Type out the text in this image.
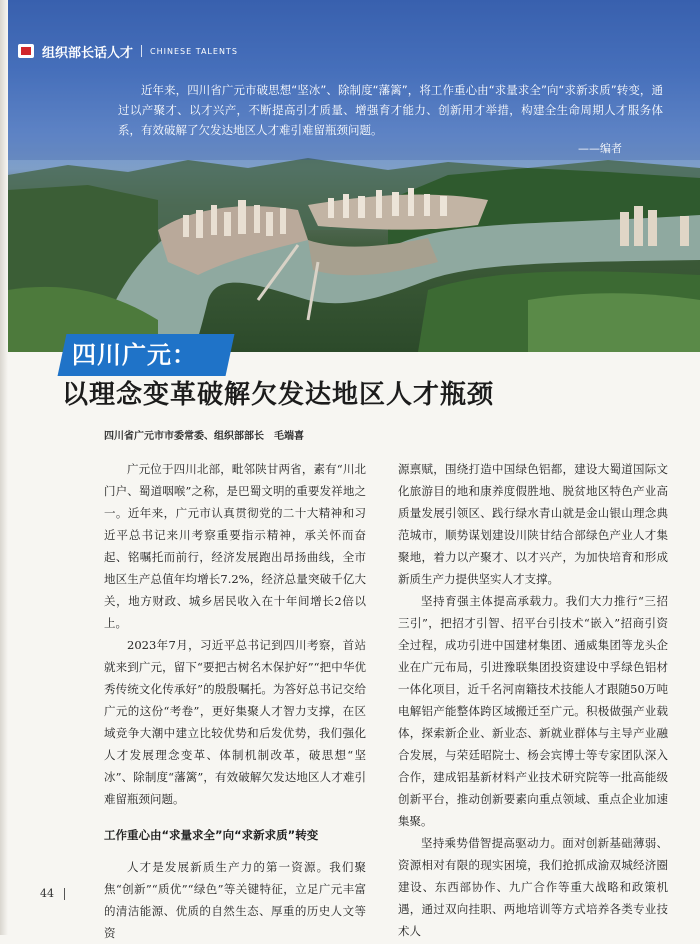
组织部长话人才 CHINESE TALENTS
近年来，四川省广元市破思想“坚冰”、除制度“藩篱”，将工作重心由“求量求全”向“求新求质”转变，通过以产聚才、以才兴产，不断提高引才质量、增强育才能力、创新用才举措，构建全生命周期人才服务体系，有效破解了欠发达地区人才难引难留瓶颈问题。
——编者
四川广元：
以理念变革破解欠发达地区人才瓶颈
四川省广元市市委常委、组织部部长　毛端喜

广元位于四川北部，毗邻陕甘两省，素有“川北门户、蜀道咽喉”之称，是巴蜀文明的重要发祥地之一。近年来，广元市认真贯彻党的二十大精神和习近平总书记来川考察重要指示精神，承关怀而奋起、铭嘱托而前行，经济发展跑出昂扬曲线，全市地区生产总值年均增长7.2%，经济总量突破千亿大关，地方财政、城乡居民收入在十年间增长2倍以上。

2023年7月，习近平总书记到四川考察，首站就来到广元，留下“要把古树名木保护好”“把中华优秀传统文化传承好”的殷殷嘱托。为答好总书记交给广元的这份“考卷”，更好集聚人才智力支撑，在区域竞争大潮中建立比较优势和后发优势，我们强化人才发展理念变革、体制机制改革，破思想“坚冰”、除制度“藩篱”，有效破解欠发达地区人才难引难留瓶颈问题。

工作重心由“求量求全”向“求新求质”转变

人才是发展新质生产力的第一资源。我们聚焦“创新”“质优”“绿色”等关键特征，立足广元丰富的清洁能源、优质的自然生态、厚重的历史人文等资

源禀赋，围绕打造中国绿色铝都，建设大蜀道国际文化旅游目的地和康养度假胜地、脱贫地区特色产业高质量发展引领区、践行绿水青山就是金山银山理念典范城市，顺势谋划建设川陕甘结合部绿色产业人才集聚地，着力以产聚才、以才兴产，为加快培育和形成新质生产力提供坚实人才支撑。

坚持育强主体提高承载力。我们大力推行“三招三引”，把招才引智、招平台引技术“嵌入”招商引资全过程，成功引进中国建材集团、通威集团等龙头企业在广元布局，引进豫联集团投资建设中孚绿色铝材一体化项目，近千名河南籍技术技能人才跟随50万吨电解铝产能整体跨区域搬迁至广元。积极做强产业载体，探索新企业、新业态、新就业群体与主导产业融合发展，与荣廷昭院士、杨会宾博士等专家团队深入合作，建成铝基新材料产业技术研究院等一批高能级创新平台，推动创新要素向重点领域、重点企业加速集聚。

坚持乘势借智提高驱动力。面对创新基础薄弱、资源相对有限的现实困境，我们抢抓成渝双城经济圈建设、东西部协作、九广合作等重大战略和政策机遇，通过双向挂职、两地培训等方式培养各类专业技术人

44
